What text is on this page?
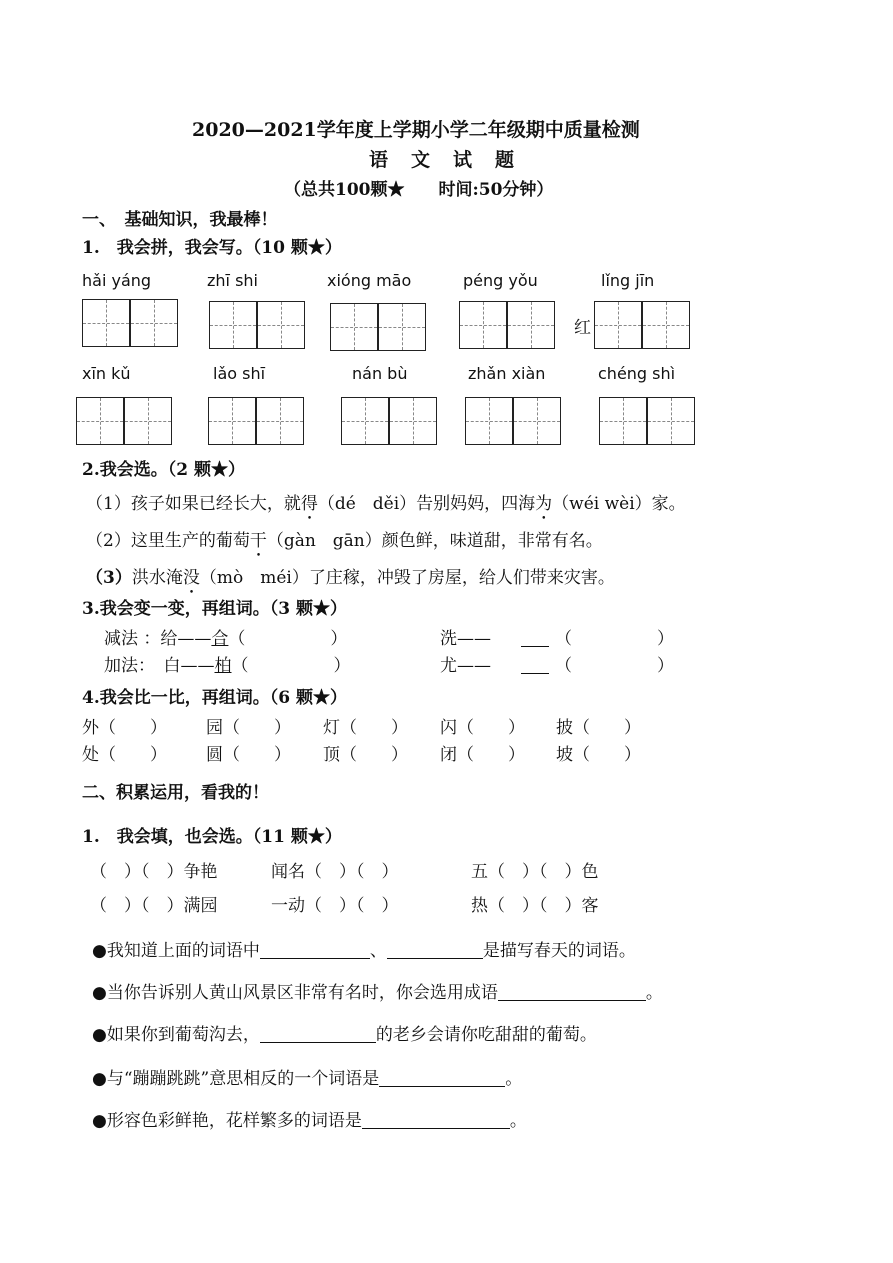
2020—2021学年度上学期小学二年级期中质量检测
语　文　试　题
（总共100颗★　　时间:50分钟）
一、　基础知识，我最棒！
1.　我会拼，我会写。（10 颗★）
hǎi yáng	zhī shi	xióng māo	péng yǒu	lǐng jīn
红
xīn kǔ	lǎo shī	nán bù	zhǎn xiàn	chéng shì
2.我会选。（2 颗★）
（1）孩子如果已经长大，就得（dé　děi）告别妈妈，四海为（wéi wèi）家。
（2）这里生产的葡萄干（gàn　gān）颜色鲜，味道甜，非常有名。
（3）洪水淹没（mò　méi）了庄稼，冲毁了房屋，给人们带来灾害。
3.我会变一变，再组词。（3 颗★）
减法 ：给——合（　　　　　）	洗——	（　　　　　）
加法：　白——柏（　　　　　）	尤——	（　　　　　）
4.我会比一比，再组词。（6 颗★）
外（　　） 园（　　） 灯（　　） 闪（　　） 披（　　）
处（　　） 圆（　　） 顶（　　） 闭（　　） 坡（　　）
二、积累运用，看我的！
1.　我会填，也会选。（11 颗★）
（　）（　）争艳	闻名（　）（　）	五（　）（　）色
（　）（　）满园	一动（　）（　）	热（　）（　）客
●我知道上面的词语中	、	是描写春天的词语。
●当你告诉别人黄山风景区非常有名时，你会选用成语	。
●如果你到葡萄沟去，	的老乡会请你吃甜甜的葡萄。
●与“蹦蹦跳跳”意思相反的一个词语是	。
●形容色彩鲜艳，花样繁多的词语是	。
